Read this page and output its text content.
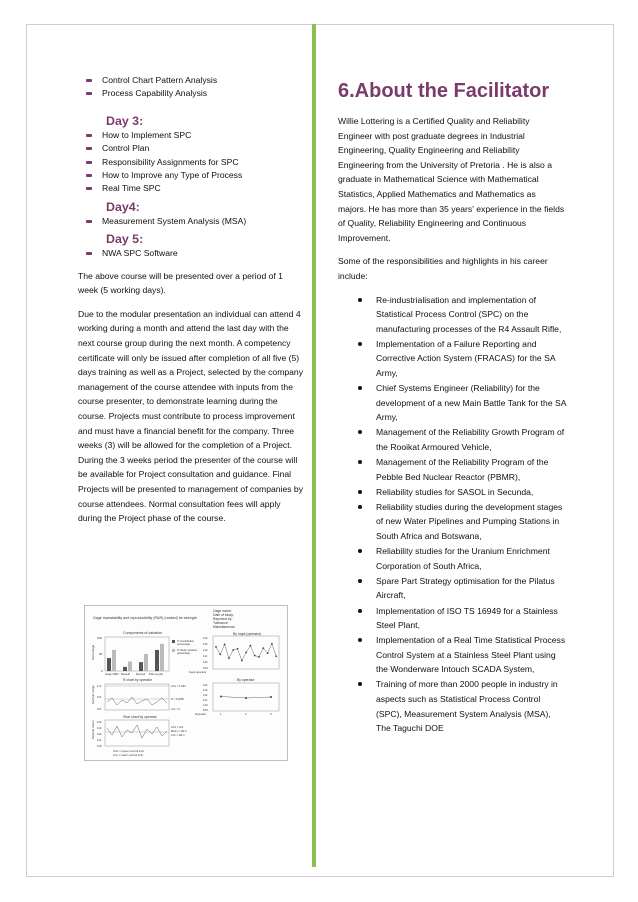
Control Chart Pattern Analysis
Process Capability Analysis
Day 3:
How to Implement SPC
Control Plan
Responsibility Assignments for SPC
How to Improve any Type of Process
Real Time SPC
Day4:
Measurement System Analysis (MSA)
Day 5:
NWA SPC Software

The above course will be presented over a period of 1 week (5 working days).

Due to the modular presentation an individual can attend 4 working during a month and attend the last day with the next course group during the next month. A competency certificate will only be issued after completion of all five (5) days training as well as a Project, selected by the company management of the course attendee with inputs from the course presenter, to demonstrate learning during the course. Projects must contribute to process improvement and must have a financial benefit for the company. Three weeks (3) will be allowed for the completion of a Project. During the 3 weeks period the presenter of the course will be available for Project consultation and guidance. Final Projects will be presented to management of companies by course attendees. Normal consultation fees will apply during the Project phase of the course.

Gage repeatability and reproducibility (R&R) (ranked) for strength
Gage name:
Date of study:
Reported by:
Tolerance:
Miscellaneous:
Components of variation
Percentage
100
50
0
Gage R&R Repeat Reprod Part-to-part
% Contribution
percentage
% Study variation
percentage
By Ingot (operator)
114
113
112
111
110
109
Ingot operator
R chart by operator
Sample range 1.0
0.5
0.0
UCL = 1.094
R = 0.3250
LCL = 0
By operator
114
113
112
111
110
109
1	2	3
Operator
Xbar chart by operator
Sample mean 114
113
112
111
110
UCL = 112
Mean = 111.5
LCL = 111.1
UCL = upper control limit
LCL = lower control limit
6.About the Facilitator

Willie Lottering is a Certified Quality and Reliability Engineer with post graduate degrees in Industrial Engineering, Quality Engineering and Reliability Engineering from the University of Pretoria . He is also a graduate in Mathematical Science with Mathematical Statistics, Applied Mathematics and Mathematics as majors. He has more than 35 years' experience in the fields of Quality, Reliability Engineering and Continuous Improvement.

Some of the responsibilities and highlights in his career include:

Re-industrialisation and implementation of Statistical Process Control (SPC) on the manufacturing processes of the R4 Assault Rifle,
Implementation of a Failure Reporting and Corrective Action System (FRACAS) for the SA Army,
Chief Systems Engineer (Reliability) for the development of a new Main Battle Tank for the SA Army,
Management of the Reliability Growth Program of the Rooikat Armoured Vehicle,
Management of the Reliability Program of the Pebble Bed Nuclear Reactor (PBMR),
Reliability studies for SASOL in Secunda,
Reliability studies during the development stages of new Water Pipelines and Pumping Stations in South Africa and Botswana,
Reliability studies for the Uranium Enrichment Corporation of South Africa,
Spare Part Strategy optimisation for the Pilatus Aircraft,
Implementation of ISO TS 16949 for a Stainless Steel Plant,
Implementation of a Real Time Statistical Process Control System at a Stainless Steel Plant using the Wonderware Intouch SCADA System,
Training of more than 2000 people in industry in aspects such as Statistical Process Control (SPC), Measurement System Analysis (MSA), The Taguchi DOE
